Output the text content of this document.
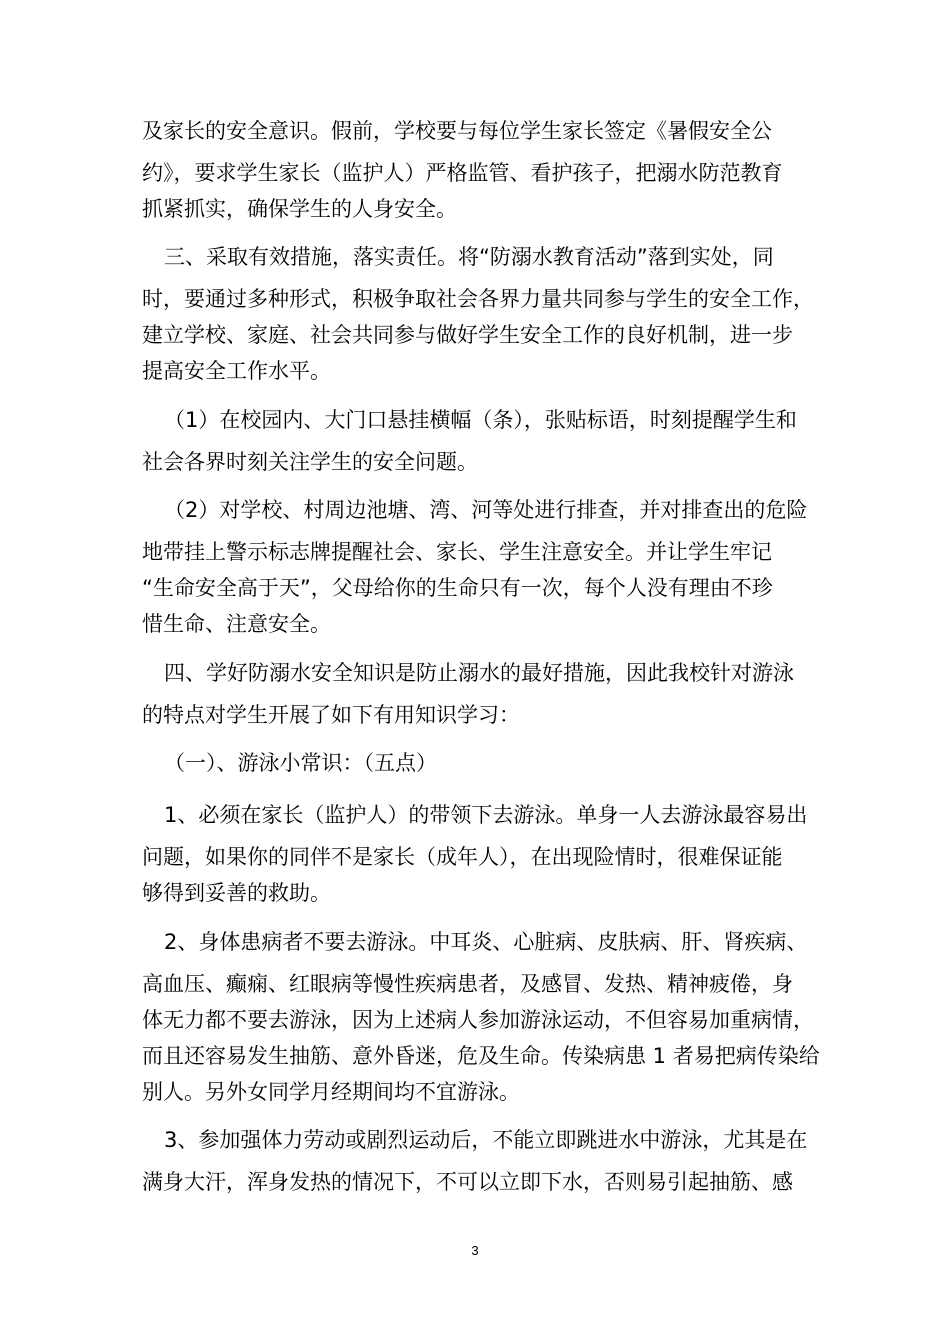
及家长的安全意识。假前，学校要与每位学生家长签定《暑假安全公

约》，要求学生家长（监护人）严格监管、看护孩子，把溺水防范教育

抓紧抓实，确保学生的人身安全。

三、采取有效措施，落实责任。将“防溺水教育活动”落到实处，同

时，要通过多种形式，积极争取社会各界力量共同参与学生的安全工作，

建立学校、家庭、社会共同参与做好学生安全工作的良好机制，进一步

提高安全工作水平。

（1）在校园内、大门口悬挂横幅（条），张贴标语，时刻提醒学生和

社会各界时刻关注学生的安全问题。

（2）对学校、村周边池塘、湾、河等处进行排查，并对排查出的危险

地带挂上警示标志牌提醒社会、家长、学生注意安全。并让学生牢记

“生命安全高于天”，父母给你的生命只有一次，每个人没有理由不珍

惜生命、注意安全。

四、学好防溺水安全知识是防止溺水的最好措施，因此我校针对游泳

的特点对学生开展了如下有用知识学习：

（一）、游泳小常识：（五点）

1、必须在家长（监护人）的带领下去游泳。单身一人去游泳最容易出

问题，如果你的同伴不是家长（成年人），在出现险情时，很难保证能

够得到妥善的救助。

2、身体患病者不要去游泳。中耳炎、心脏病、皮肤病、肝、肾疾病、

高血压、癫痫、红眼病等慢性疾病患者，及感冒、发热、精神疲倦，身

体无力都不要去游泳，因为上述病人参加游泳运动，不但容易加重病情，

而且还容易发生抽筋、意外昏迷，危及生命。传染病患 1 者易把病传染给

别人。另外女同学月经期间均不宜游泳。

3、参加强体力劳动或剧烈运动后，不能立即跳进水中游泳，尤其是在

满身大汗，浑身发热的情况下，不可以立即下水，否则易引起抽筋、感

3
